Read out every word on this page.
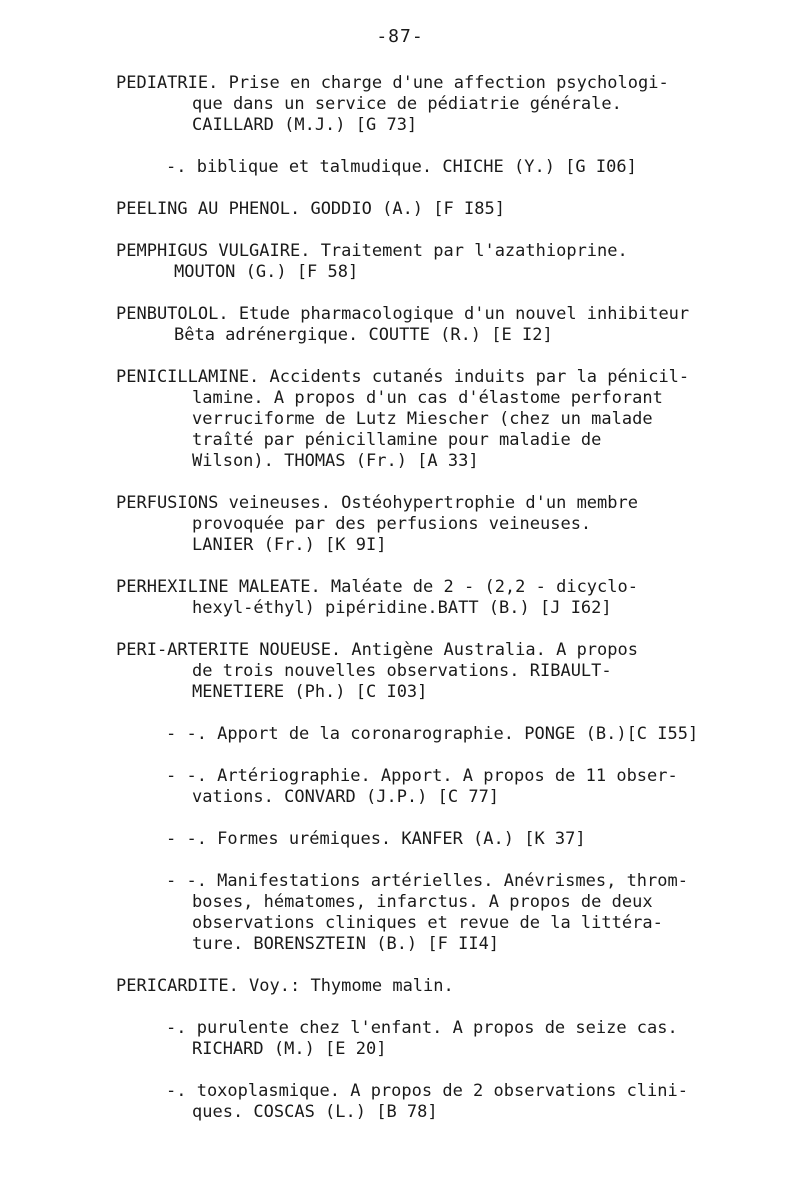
-87-
PEDIATRIE. Prise en charge d'une affection psychologi-
que dans un service de pédiatrie générale.
CAILLARD (M.J.) [G 73]
-. biblique et talmudique. CHICHE (Y.) [G I06]
PEELING AU PHENOL. GODDIO (A.) [F I85]
PEMPHIGUS VULGAIRE. Traitement par l'azathioprine.
MOUTON (G.) [F 58]
PENBUTOLOL. Etude pharmacologique d'un nouvel inhibiteur
Bêta adrénergique. COUTTE (R.) [E I2]
PENICILLAMINE. Accidents cutanés induits par la pénicil-
lamine. A propos d'un cas d'élastome perforant
verruciforme de Lutz Miescher (chez un malade
traîté par pénicillamine pour maladie de
Wilson). THOMAS (Fr.) [A 33]
PERFUSIONS veineuses. Ostéohypertrophie d'un membre
provoquée par des perfusions veineuses.
LANIER (Fr.) [K 9I]
PERHEXILINE MALEATE. Maléate de 2 - (2,2 - dicyclo-
hexyl-éthyl) pipéridine.BATT (B.) [J I62]
PERI-ARTERITE NOUEUSE. Antigène Australia. A propos
de trois nouvelles observations. RIBAULT-
MENETIERE (Ph.) [C I03]
- -. Apport de la coronarographie. PONGE (B.)[C I55]
- -. Artériographie. Apport. A propos de 11 obser-
vations. CONVARD (J.P.) [C 77]
- -. Formes urémiques. KANFER (A.) [K 37]
- -. Manifestations artérielles. Anévrismes, throm-
boses, hématomes, infarctus. A propos de deux
observations cliniques et revue de la littéra-
ture. BORENSZTEIN (B.) [F II4]
PERICARDITE. Voy.: Thymome malin.
-. purulente chez l'enfant. A propos de seize cas.
RICHARD (M.) [E 20]
-. toxoplasmique. A propos de 2 observations clini-
ques. COSCAS (L.) [B 78]
